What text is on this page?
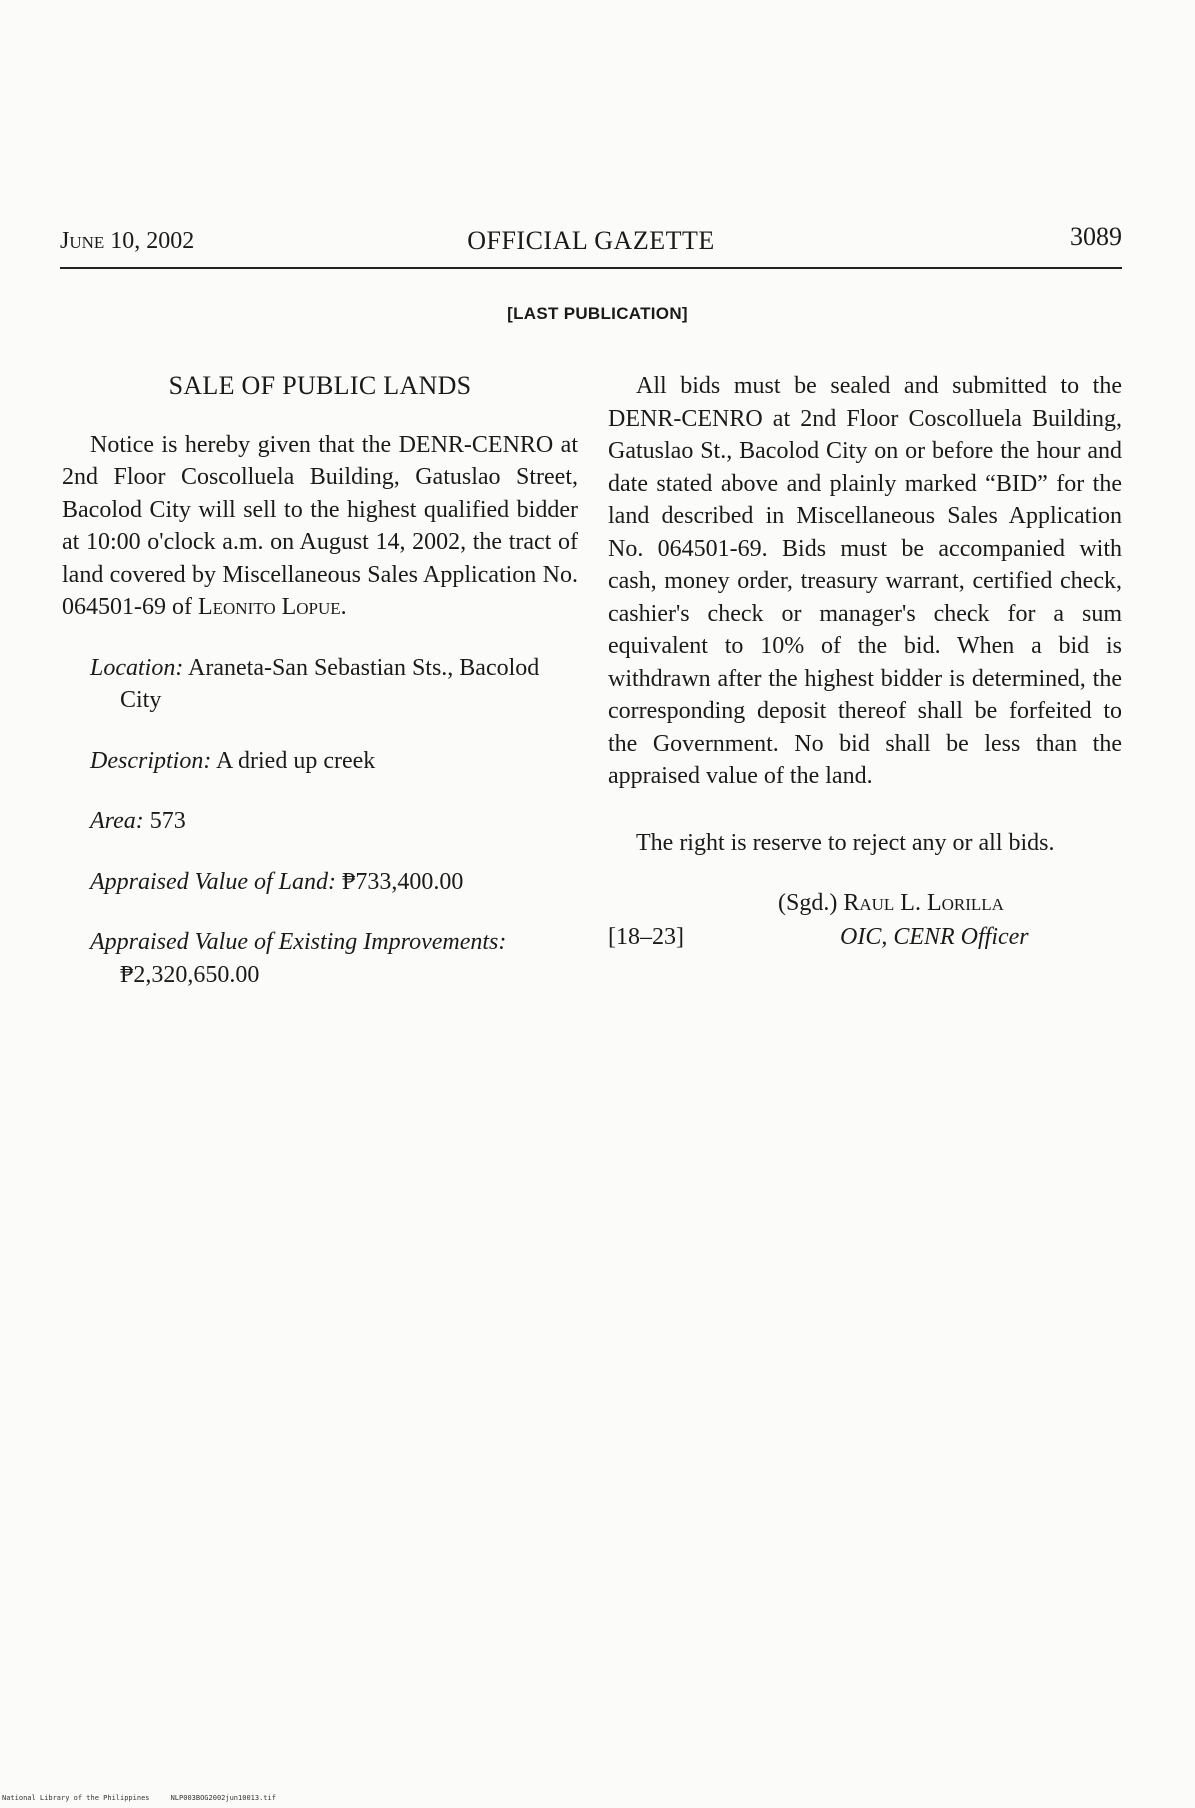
June 10, 2002	OFFICIAL GAZETTE	3089
[LAST PUBLICATION]
SALE OF PUBLIC LANDS

Notice is hereby given that the DENR-CENRO at 2nd Floor Coscolluela Building, Gatuslao Street, Bacolod City will sell to the highest qualified bidder at 10:00 o'clock a.m. on August 14, 2002, the tract of land covered by Miscellaneous Sales Application No. 064501-69 of Leonito Lopue.

Location: Araneta-San Sebastian Sts., Bacolod City
Description: A dried up creek
Area: 573
Appraised Value of Land: ₱733,400.00
Appraised Value of Existing Improvements: ₱2,320,650.00

All bids must be sealed and submitted to the DENR-CENRO at 2nd Floor Coscolluela Building, Gatuslao St., Bacolod City on or before the hour and date stated above and plainly marked “BID” for the land described in Miscellaneous Sales Application No. 064501-69. Bids must be accompanied with cash, money order, treasury warrant, certified check, cashier's check or manager's check for a sum equivalent to 10% of the bid. When a bid is withdrawn after the highest bidder is determined, the corresponding deposit thereof shall be forfeited to the Government. No bid shall be less than the appraised value of the land.

The right is reserve to reject any or all bids.

(Sgd.) Raul L. Lorilla
[18–23]	OIC, CENR Officer
National Library of the Philippines	NLP003BOG2002jun10013.tif
